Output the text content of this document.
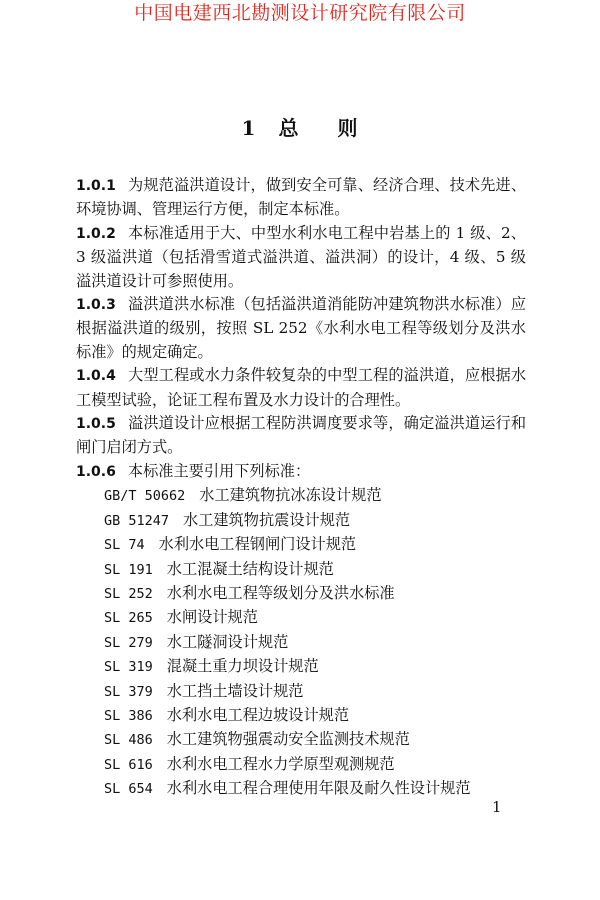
中国电建西北勘测设计研究院有限公司
1 总 则

1.0.1 为规范溢洪道设计，做到安全可靠、经济合理、技术先进、环境协调、管理运行方便，制定本标准。

1.0.2 本标准适用于大、中型水利水电工程中岩基上的 1 级、2、3 级溢洪道（包括滑雪道式溢洪道、溢洪洞）的设计，4 级、5 级溢洪道设计可参照使用。

1.0.3 溢洪道洪水标准（包括溢洪道消能防冲建筑物洪水标准）应根据溢洪道的级别，按照 SL 252《水利水电工程等级划分及洪水标准》的规定确定。

1.0.4 大型工程或水力条件较复杂的中型工程的溢洪道，应根据水工模型试验，论证工程布置及水力设计的合理性。

1.0.5 溢洪道设计应根据工程防洪调度要求等，确定溢洪道运行和闸门启闭方式。

1.0.6 本标准主要引用下列标准：

GB/T 50662 水工建筑物抗冰冻设计规范
GB 51247 水工建筑物抗震设计规范
SL 74 水利水电工程钢闸门设计规范
SL 191 水工混凝土结构设计规范
SL 252 水利水电工程等级划分及洪水标准
SL 265 水闸设计规范
SL 279 水工隧洞设计规范
SL 319 混凝土重力坝设计规范
SL 379 水工挡土墙设计规范
SL 386 水利水电工程边坡设计规范
SL 486 水工建筑物强震动安全监测技术规范
SL 616 水利水电工程水力学原型观测规范
SL 654 水利水电工程合理使用年限及耐久性设计规范
1
